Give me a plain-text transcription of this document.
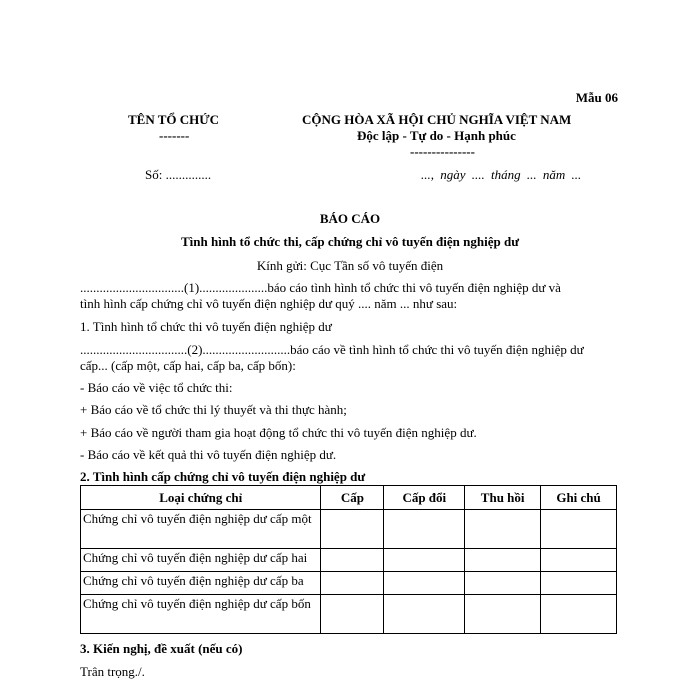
Mẫu 06
TÊN TỔ CHỨC
-------
CỘNG HÒA XÃ HỘI CHỦ NGHĨA VIỆT NAM
Độc lập - Tự do - Hạnh phúc
---------------
Số: ..............	..., ngày .... tháng ... năm ...
BÁO CÁO
Tình hình tổ chức thi, cấp chứng chỉ vô tuyến điện nghiệp dư
Kính gửi: Cục Tần số vô tuyến điện
................................(1).....................báo cáo tình hình tổ chức thi vô tuyến điện nghiệp dư và
tình hình cấp chứng chỉ vô tuyến điện nghiệp dư quý .... năm ... như sau:
1. Tình hình tổ chức thi vô tuyến điện nghiệp dư
.................................(2)...........................báo cáo về tình hình tổ chức thi vô tuyến điện nghiệp dư
cấp... (cấp một, cấp hai, cấp ba, cấp bốn):
- Báo cáo về việc tổ chức thi:
+ Báo cáo về tổ chức thi lý thuyết và thi thực hành;
+ Báo cáo về người tham gia hoạt động tổ chức thi vô tuyến điện nghiệp dư.
- Báo cáo về kết quả thi vô tuyến điện nghiệp dư.
2. Tình hình cấp chứng chỉ vô tuyến điện nghiệp dư
Loại chứng chỉ	Cấp	Cấp đổi	Thu hồi	Ghi chú
Chứng chỉ vô tuyến điện nghiệp dư cấp một				
Chứng chỉ vô tuyến điện nghiệp dư cấp hai				
Chứng chỉ vô tuyến điện nghiệp dư cấp ba				
Chứng chỉ vô tuyến điện nghiệp dư cấp bốn				
3. Kiến nghị, đề xuất (nếu có)
Trân trọng./.
